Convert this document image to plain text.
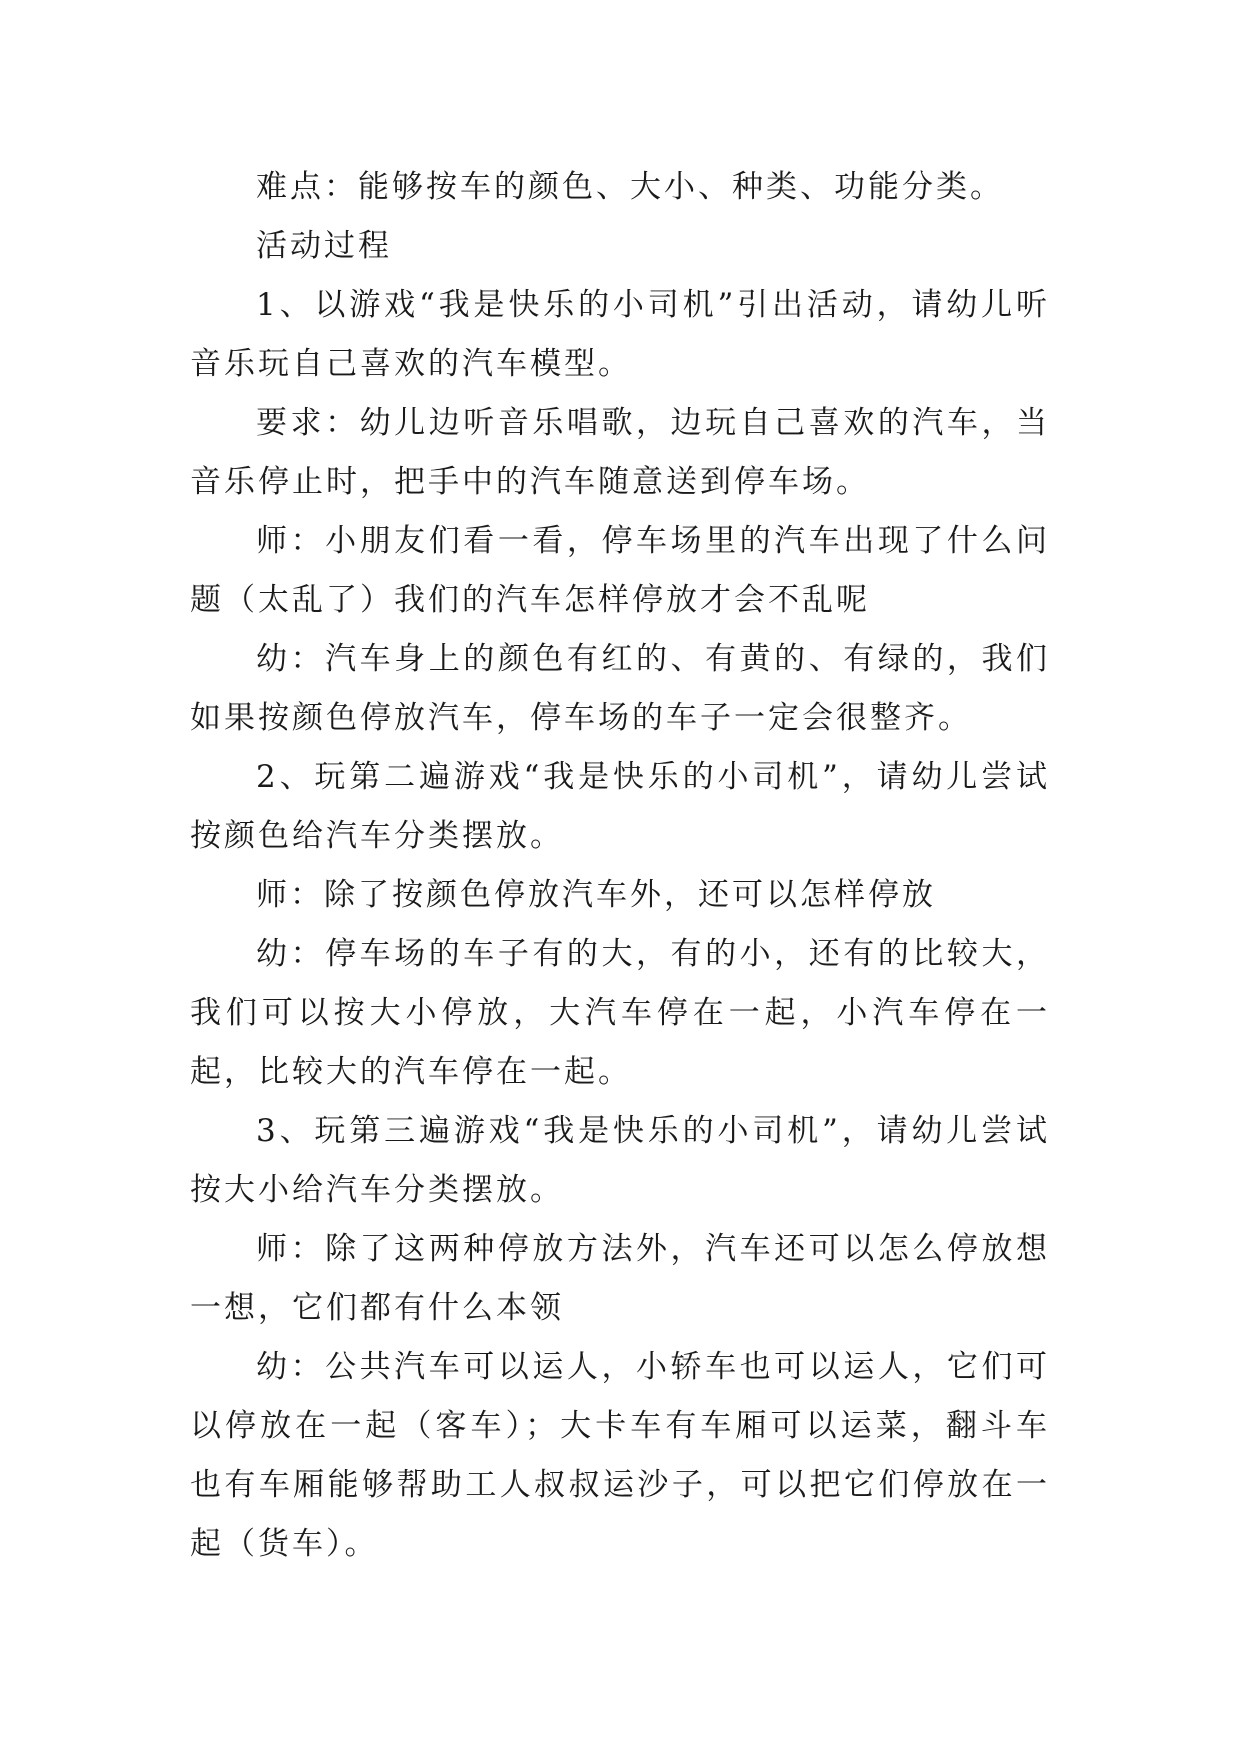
难点：能够按车的颜色、大小、种类、功能分类。

活动过程

1、以游戏“我是快乐的小司机”引出活动，请幼儿听音乐玩自己喜欢的汽车模型。

要求：幼儿边听音乐唱歌，边玩自己喜欢的汽车，当音乐停止时，把手中的汽车随意送到停车场。

师：小朋友们看一看，停车场里的汽车出现了什么问题（太乱了）我们的汽车怎样停放才会不乱呢

幼：汽车身上的颜色有红的、有黄的、有绿的，我们如果按颜色停放汽车，停车场的车子一定会很整齐。

2、玩第二遍游戏“我是快乐的小司机”，请幼儿尝试按颜色给汽车分类摆放。

师：除了按颜色停放汽车外，还可以怎样停放

幼：停车场的车子有的大，有的小，还有的比较大，我们可以按大小停放，大汽车停在一起，小汽车停在一起，比较大的汽车停在一起。

3、玩第三遍游戏“我是快乐的小司机”，请幼儿尝试按大小给汽车分类摆放。

师：除了这两种停放方法外，汽车还可以怎么停放想一想，它们都有什么本领

幼：公共汽车可以运人，小轿车也可以运人，它们可以停放在一起（客车）；大卡车有车厢可以运菜，翻斗车也有车厢能够帮助工人叔叔运沙子，可以把它们停放在一起（货车）。
